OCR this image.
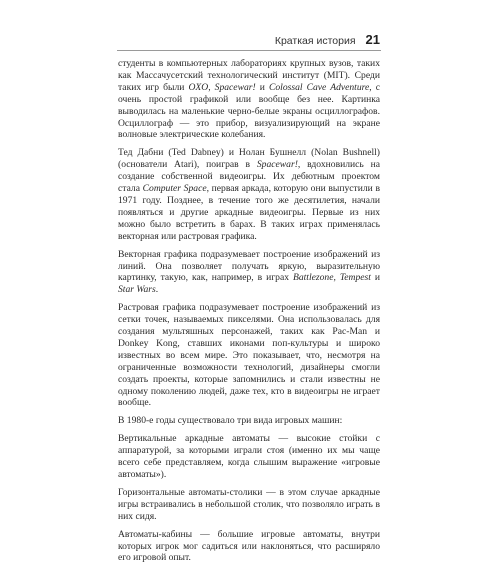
Краткая история 21

студенты в компьютерных лабораториях крупных вузов, таких как Массачусетский технологический институт (MIT). Среди таких игр были OXO, Spacewar! и Colossal Cave Adventure, с очень простой графикой или вообще без нее. Картинка выводилась на маленькие черно-белые экраны осциллографов. Осциллограф — это прибор, визуализирующий на экране волновые электрические колебания.

Тед Дабни (Ted Dabney) и Нолан Бушнелл (Nolan Bushnell) (основатели Atari), поиграв в Spacewar!, вдохновились на создание собственной видеоигры. Их дебютным проектом стала Computer Space, первая аркада, которую они выпустили в 1971 году. Позднее, в течение того же десятилетия, начали появляться и другие аркадные видеоигры. Первые из них можно было встретить в барах. В таких играх применялась векторная или растровая графика.

Векторная графика подразумевает построение изображений из линий. Она позволяет получать яркую, выразительную картинку, такую, как, например, в играх Battlezone, Tempest и Star Wars.

Растровая графика подразумевает построение изображений из сетки точек, называемых пикселями. Она использовалась для создания мультяшных персонажей, таких как Pac-Man и Donkey Kong, ставших иконами поп-культуры и широко известных во всем мире. Это показывает, что, несмотря на ограниченные возможности технологий, дизайнеры смогли создать проекты, которые запомнились и стали известны не одному поколению людей, даже тех, кто в видеоигры не играет вообще.

В 1980-е годы существовало три вида игровых машин:

Вертикальные аркадные автоматы — высокие стойки с аппаратурой, за которыми играли стоя (именно их мы чаще всего себе представляем, когда слышим выражение «игровые автоматы»).

Горизонтальные автоматы-столики — в этом случае аркадные игры встраивались в небольшой столик, что позволяло играть в них сидя.

Автоматы-кабины — большие игровые автоматы, внутри которых игрок мог садиться или наклоняться, что расширяло его игровой опыт.
